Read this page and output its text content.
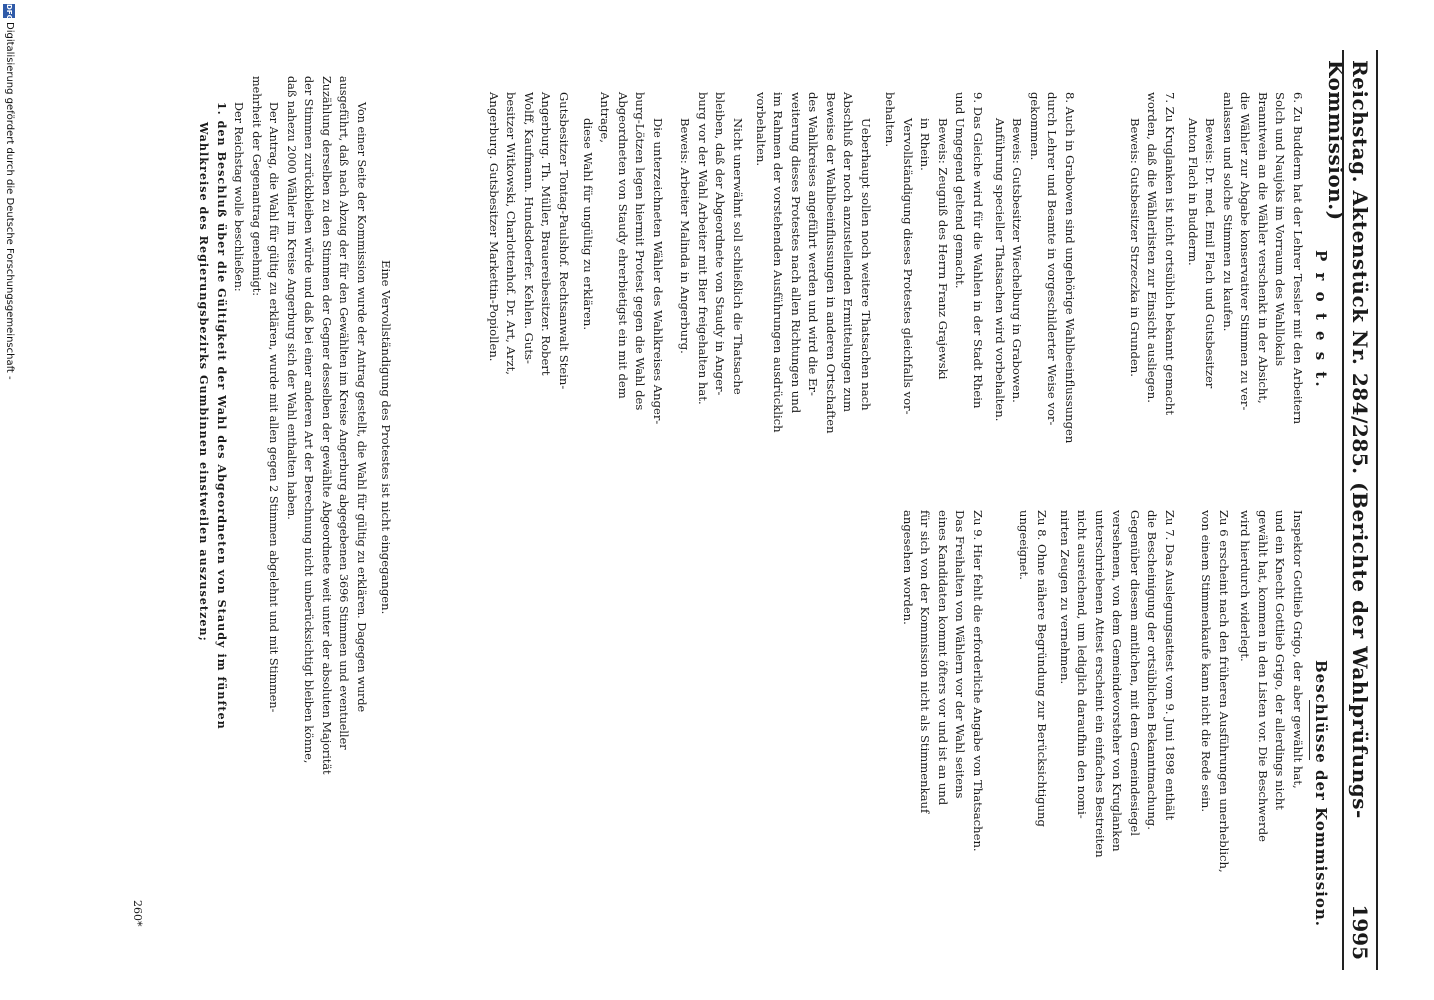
Reichstag. Aktenstück Nr. 284/285. (Berichte der Wahlprüfungs-Kommission.)
1995
P r o t e s t.
6. Zu Budderm hat der Lehrer Tessler mit den Arbeitern
Solch und Naujoks im Vorraum des Wahllokals
Branntwein an die Wähler verschenkt in der Absicht,
die Wähler zur Abgabe konservativer Stimmen zu ver-
anlassen und solche Stimmen zu kaufen.
Beweis: Dr. med. Emil Flach und Gutsbesitzer
Anton Flach in Budderm.
7. Zu Kruglanken ist nicht ortsüblich bekannt gemacht
worden, daß die Wählerlisten zur Einsicht ausliegen.
Beweis: Gutsbesitzer Strzeczka in Grunden.
8. Auch in Grabowen sind ungehörige Wahlbeeinflussungen
durch Lehrer und Beamte in vorgeschilderter Weise vor-
gekommen.
Beweis: Gutsbesitzer Wiechelburg in Grabowen.
Anführung specieller Thatsachen wird vorbehalten.
9. Das Gleiche wird für die Wahlen in der Stadt Rhein
und Umgegend geltend gemacht.
Beweis: Zeugniß des Herrn Franz Grajewski
in Rhein.
Vervollständigung dieses Protestes gleichfalls vor-
behalten.
Ueberhaupt sollen noch weitere Thatsachen nach
Abschluß der noch anzustellenden Ermittelungen zum
Beweise der Wahlbeeinflussungen in anderen Ortschaften
des Wahlkreises angeführt werden und wird die Er-
weiterung dieses Protestes nach allen Richtungen und
im Rahmen der vorstehenden Ausführungen ausdrücklich
vorbehalten.
Nicht unerwähnt soll schließlich die Thatsache
bleiben, daß der Abgeordnete von Staudy in Anger-
burg vor der Wahl Arbeiter mit Bier freigehalten hat.
Beweis: Arbeiter Malinda in Angerburg.
Die unterzeichneten Wähler des Wahlkreises Anger-
burg-Lötzen legen hiermit Protest gegen die Wahl des
Abgeordneten von Staudy ehrerbietigst ein mit dem
Antrage,
diese Wahl für ungültig zu erklären.
Gutsbesitzer Tontag-Paulshof. Rechtsanwalt Stein-
Angerburg. Th. Müller, Brauereibesitzer. Robert
Wolff, Kaufmann. Hundsdoerfer. Kehlen. Guts-
besitzer Witkowski, Charlottenhof. Dr. Art, Arzt,
Angerburg. Gutsbesitzer Markettin-Popiollen.
Beschlüsse der Kommission.
Inspektor Gottlieb Grigo, der aber gewählt hat,
und ein Knecht Gottlieb Grigo, der allerdings nicht
gewählt hat, kommen in den Listen vor. Die Beschwerde
wird hierdurch widerlegt.
Zu 6 erscheint nach den früheren Ausführungen unerheblich,
von einem Stimmenkaufe kann nicht die Rede sein.
Zu 7. Das Auslegungsattest vom 9. Juni 1898 enthält
die Bescheinigung der ortsüblichen Bekanntmachung.
Gegenüber diesem amtlichen, mit dem Gemeindesiegel
versehenen, von dem Gemeindevorsteher von Kruglanken
unterschriebenen Attest erscheint ein einfaches Bestreiten
nicht ausreichend, um lediglich daraufhin den nomi-
nirten Zeugen zu vernehmen.
Zu 8. Ohne nähere Begründung zur Berücksichtigung
ungeeignet.
Zu 9. Hier fehlt die erforderliche Angabe von Thatsachen.
Das Freihalten von Wählern vor der Wahl seitens
eines Kandidaten kommt öfters vor und ist an und
für sich von der Kommission nicht als Stimmenkauf
angesehen worden.
Eine Vervollständigung des Protestes ist nicht eingegangen.
Von einer Seite der Kommission wurde der Antrag gestellt, die Wahl für gültig zu erklären. Dagegen wurde
ausgeführt, daß nach Abzug der für den Gewählten im Kreise Angerburg abgegebenen 3696 Stimmen und eventueller
Zuzählung derselben zu den Stimmen der Gegner desselben der gewählte Abgeordnete weit unter der absoluten Majorität
der Stimmen zurückbleiben würde und daß bei einer anderen Art der Berechnung nicht unberücksichtigt bleiben könne,
daß nahezu 2000 Wähler im Kreise Angerburg sich der Wahl enthalten haben.
Der Antrag, die Wahl für gültig zu erklären, wurde mit allen gegen 2 Stimmen abgelehnt und mit Stimmen-
mehrheit der Gegenantrag genehmigt:
Der Reichstag wolle beschließen:
1. den Beschluß über die Gültigkeit der Wahl des Abgeordneten von Staudy im fünften
Wahlkreise des Regierungsbezirks Gumbinnen einstweilen auszusetzen;
260*
DFG
Digitalisierung gefördert durch die Deutsche Forschungsgemeinschaft -
